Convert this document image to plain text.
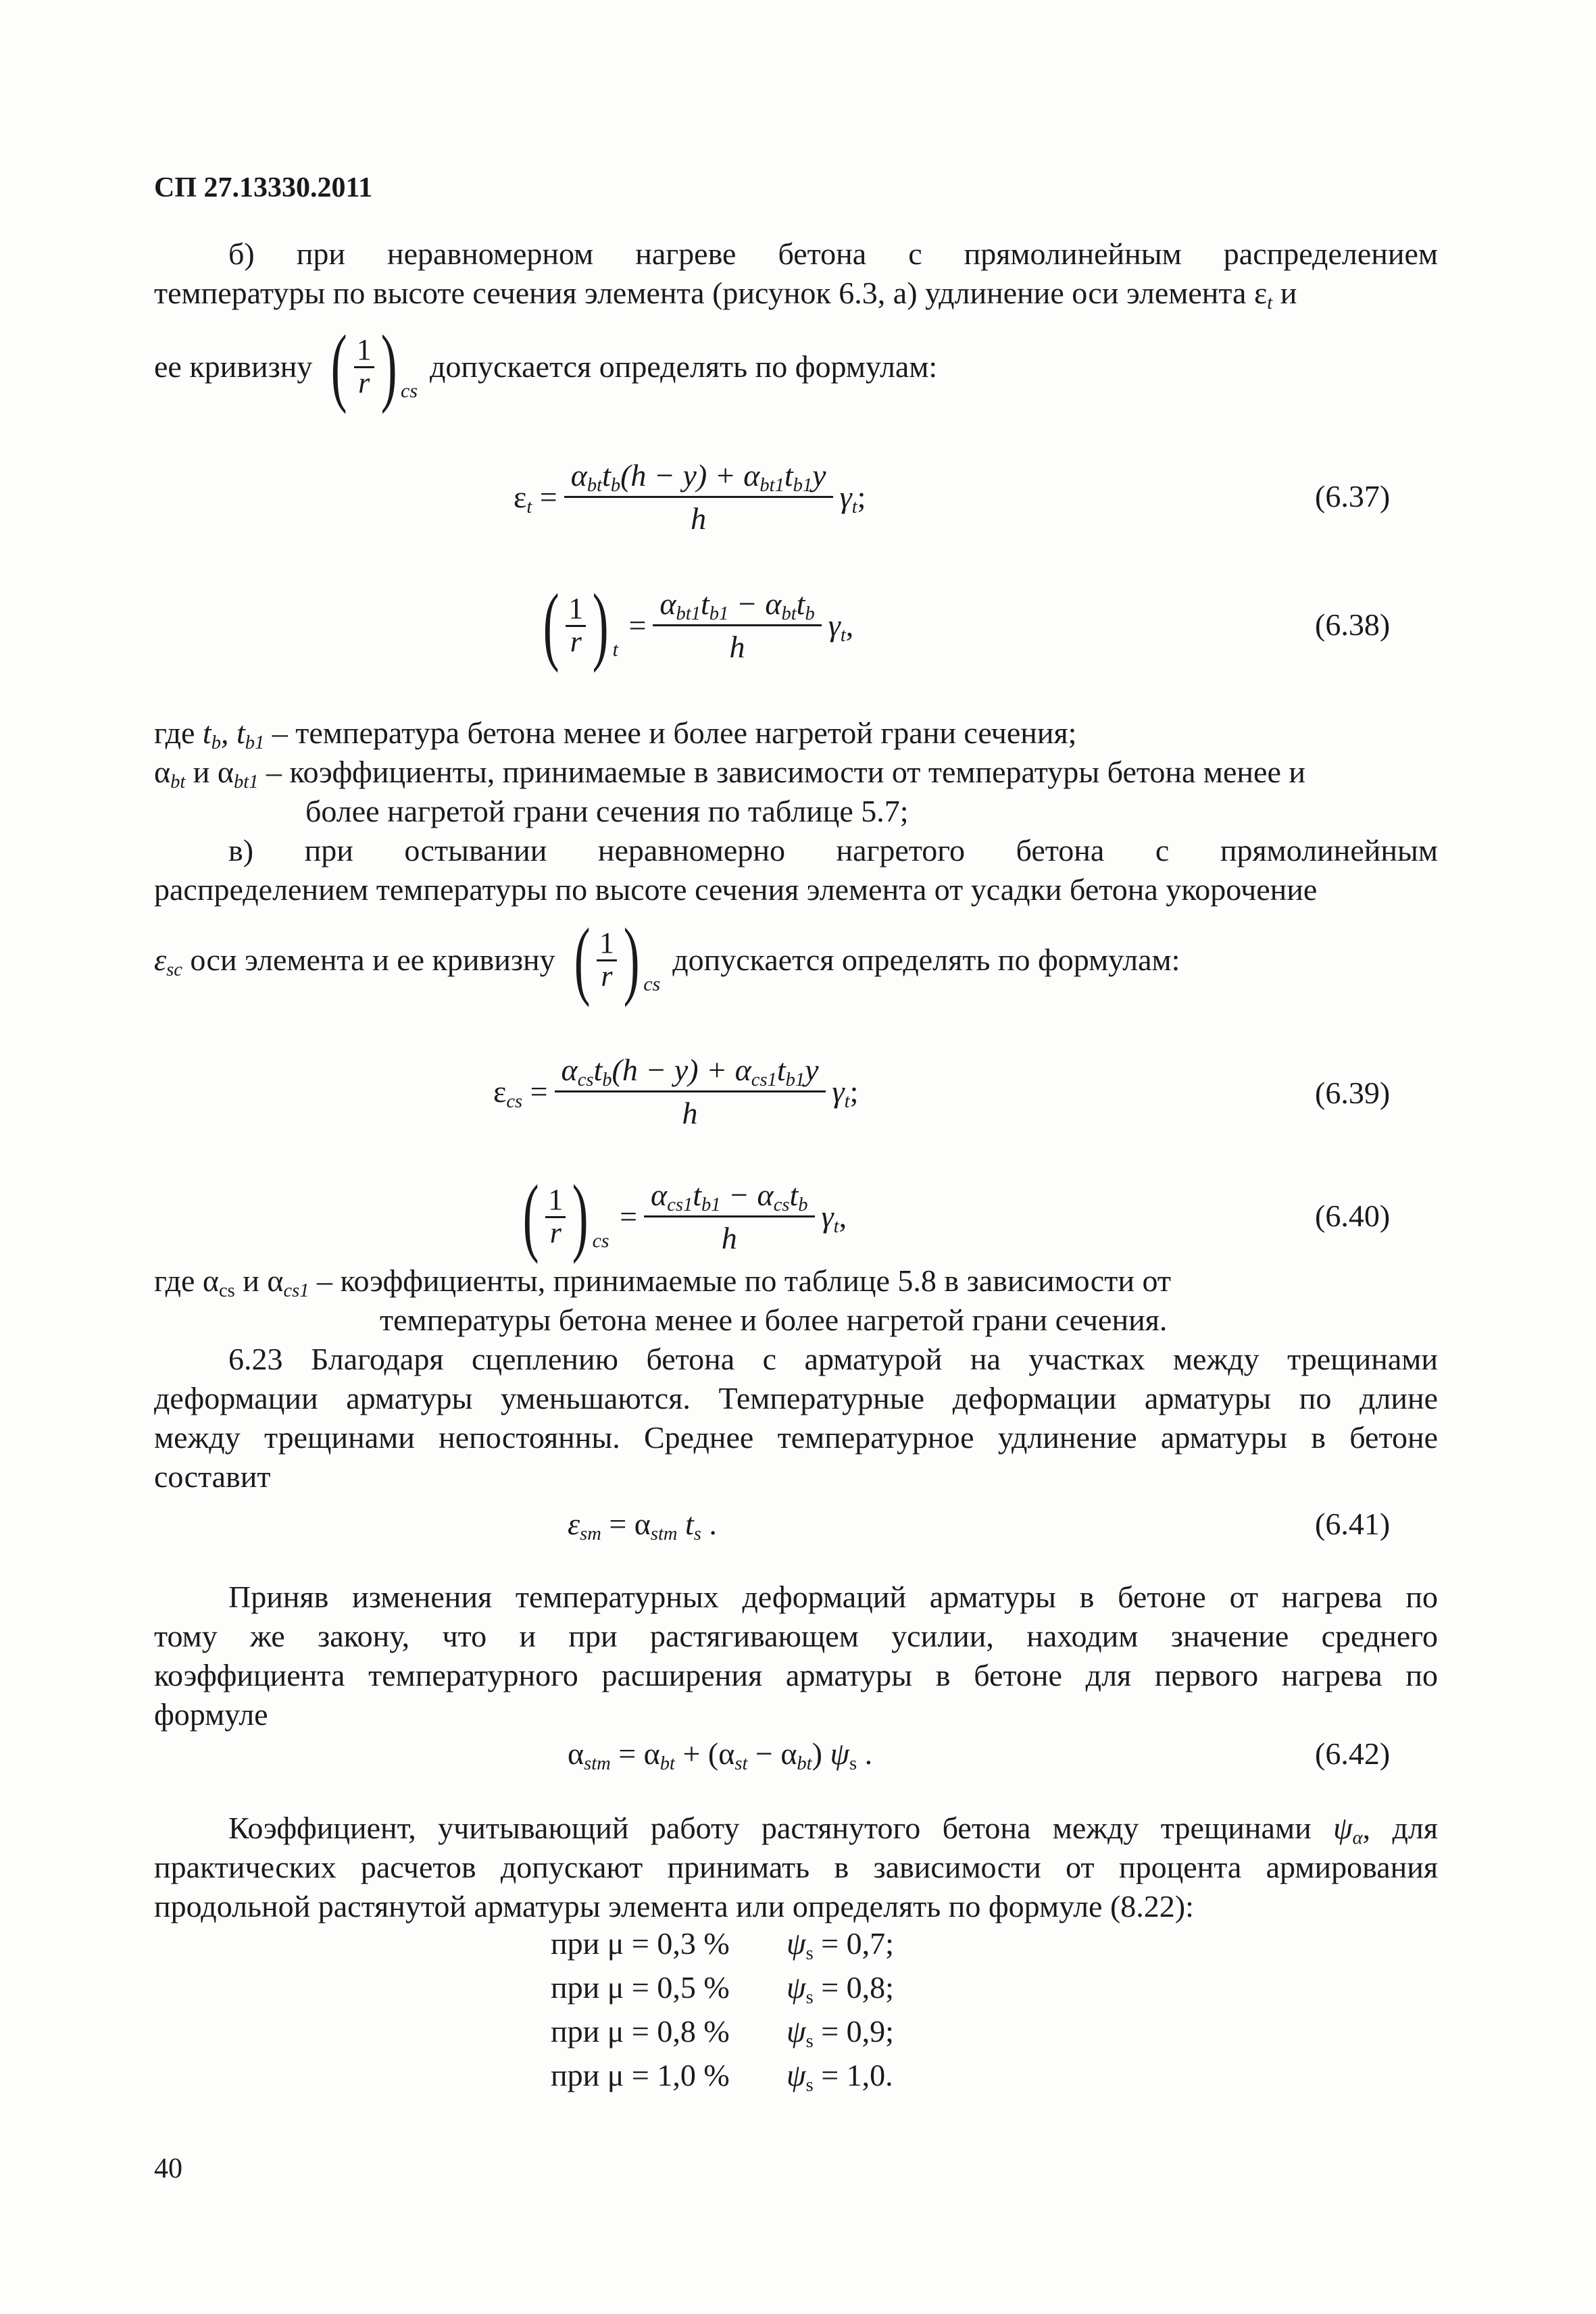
СП 27.13330.2011
б) при неравномерном нагреве бетона с прямолинейным распределением
температуры по высоте сечения элемента (рисунок 6.3, а) удлинение оси элемента $\varepsilon_t$ и
ее кривизну ( 1
r ) cs
допускается определять по формулам:
$\varepsilon_t = \frac{\alpha_{bt}t_b(h - y) + \alpha_{bt1}t_{b1}y}{h} \gamma_t$ ;	(6.37)
( 1
r ) t
= $\frac{\alpha_{bt1}t_{b1} - \alpha_{bt}t_b}{h} \gamma_t$ ,	(6.38)
где $t_b$, $t_{b1}$ – температура бетона менее и более нагретой грани сечения;
$\alpha_{bt}$ и $\alpha_{bt1}$ – коэффициенты, принимаемые в зависимости от температуры бетона менее и
более нагретой грани сечения по таблице 5.7;
в) при остывании неравномерно нагретого бетона с прямолинейным
распределением температуры по высоте сечения элемента от усадки бетона укорочение
$\varepsilon_{sc}$
оси элемента и ее кривизну ( 1
r ) cs
допускается определять по формулам:
$\varepsilon_{cs} = \frac{\alpha_{cs}t_b(h - y) + \alpha_{cs1}t_{b1}y}{h} \gamma_t$ ;	(6.39)
( 1
r ) cs
= $\frac{\alpha_{cs1}t_{b1} - \alpha_{cs}t_b}{h} \gamma_t$ ,	(6.40)
где $\alpha_{cs}$ и $\alpha_{cs1}$ – коэффициенты, принимаемые по таблице 5.8 в зависимости от
температуры бетона менее и более нагретой грани сечения.
6.23 Благодаря сцеплению бетона с арматурой на участках между трещинами
деформации арматуры уменьшаются. Температурные деформации арматуры по длине
между трещинами непостоянны. Среднее температурное удлинение арматуры в бетоне
составит
$\varepsilon_{sm} = \alpha_{stm}$ $t_s$ .	(6.41)
Приняв изменения температурных деформаций арматуры в бетоне от нагрева по
тому же закону, что и при растягивающем усилии, находим значение среднего
коэффициента температурного расширения арматуры в бетоне для первого нагрева по
формуле
$\alpha_{stm} = \alpha_{bt} + (\alpha_{st} - \alpha_{bt})$ $\psi_s$ .	(6.42)
Коэффициент, учитывающий работу растянутого бетона между трещинами $\psi_\alpha$, для
практических расчетов допускают принимать в зависимости от процента армирования
продольной растянутой арматуры элемента или определять по формуле (8.22):
при μ = 0,3 % $\psi_s = 0,7$;
при μ = 0,5 % $\psi_s = 0,8$;
при μ = 0,8 % $\psi_s = 0,9$;
при μ = 1,0 % $\psi_s = 1,0$.
40
